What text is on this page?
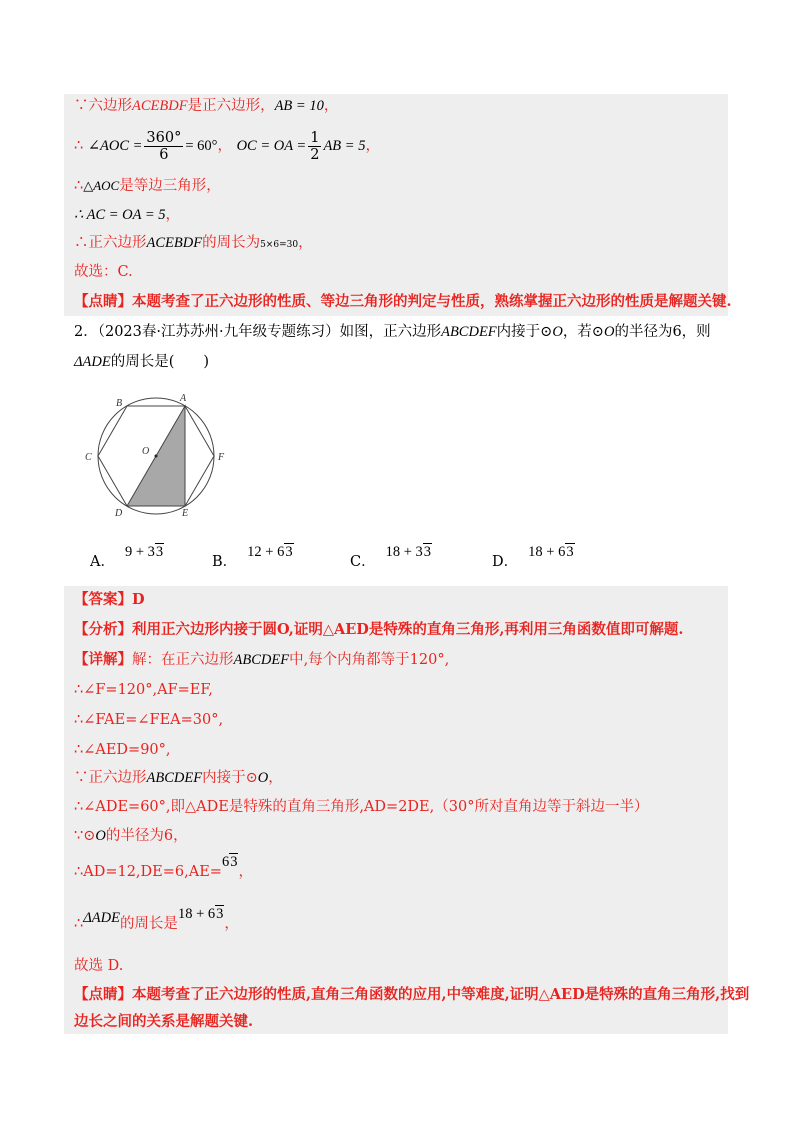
∵六边形ACEBDF是正六边形，AB = 10，
∴ ∠AOC = $\frac{360^\circ}{6} = 60^\circ$， OC = OA = $\frac{1}{2}$ AB = 5，
∴△AOC是等边三角形，
∴ AC = OA = 5，
∴正六边形ACEBDF的周长为5×6=30，
故选：C.
【点睛】本题考查了正六边形的性质、等边三角形的判定与性质，熟练掌握正六边形的性质是解题关键.
2．（2023春·江苏苏州·九年级专题练习）如图，正六边形ABCDEF内接于⊙O，若⊙O的半径为6，则
ΔADE的周长是(　　)
B	A
C
O
F
D	E
A．9 + 33
B．12 + 63
C．18 + 33
D．18 + 63
【答案】D
【分析】利用正六边形内接于圆O,证明△AED是特殊的直角三角形,再利用三角函数值即可解题.
【详解】解：在正六边形ABCDEF中,每个内角都等于120°,
∴∠F=120°,AF=EF,
∴∠FAE=∠FEA=30°,
∴∠AED=90°,
∵正六边形ABCDEF内接于⊙O，
∴∠ADE=60°,即△ADE是特殊的直角三角形,AD=2DE,（30°所对直角边等于斜边一半）
∵⊙O的半径为6，
∴AD=12,DE=6,AE=63，
∴ΔADE的周长是18 + 63，
故选 D.
【点睛】本题考查了正六边形的性质,直角三角函数的应用,中等难度,证明△AED是特殊的直角三角形,找到
边长之间的关系是解题关键.
